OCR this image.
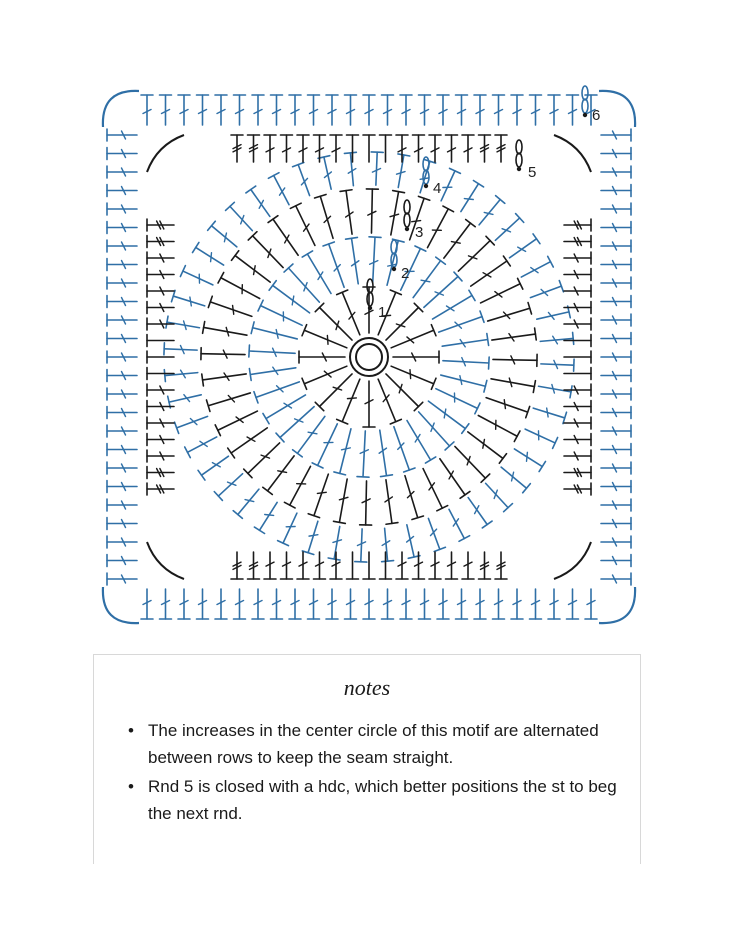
1
2
3
4
5
6
notes
• The increases in the center circle of this motif are alternated between rows to keep the seam straight.
• Rnd 5 is closed with a hdc, which better positions the st to beg the next rnd.
